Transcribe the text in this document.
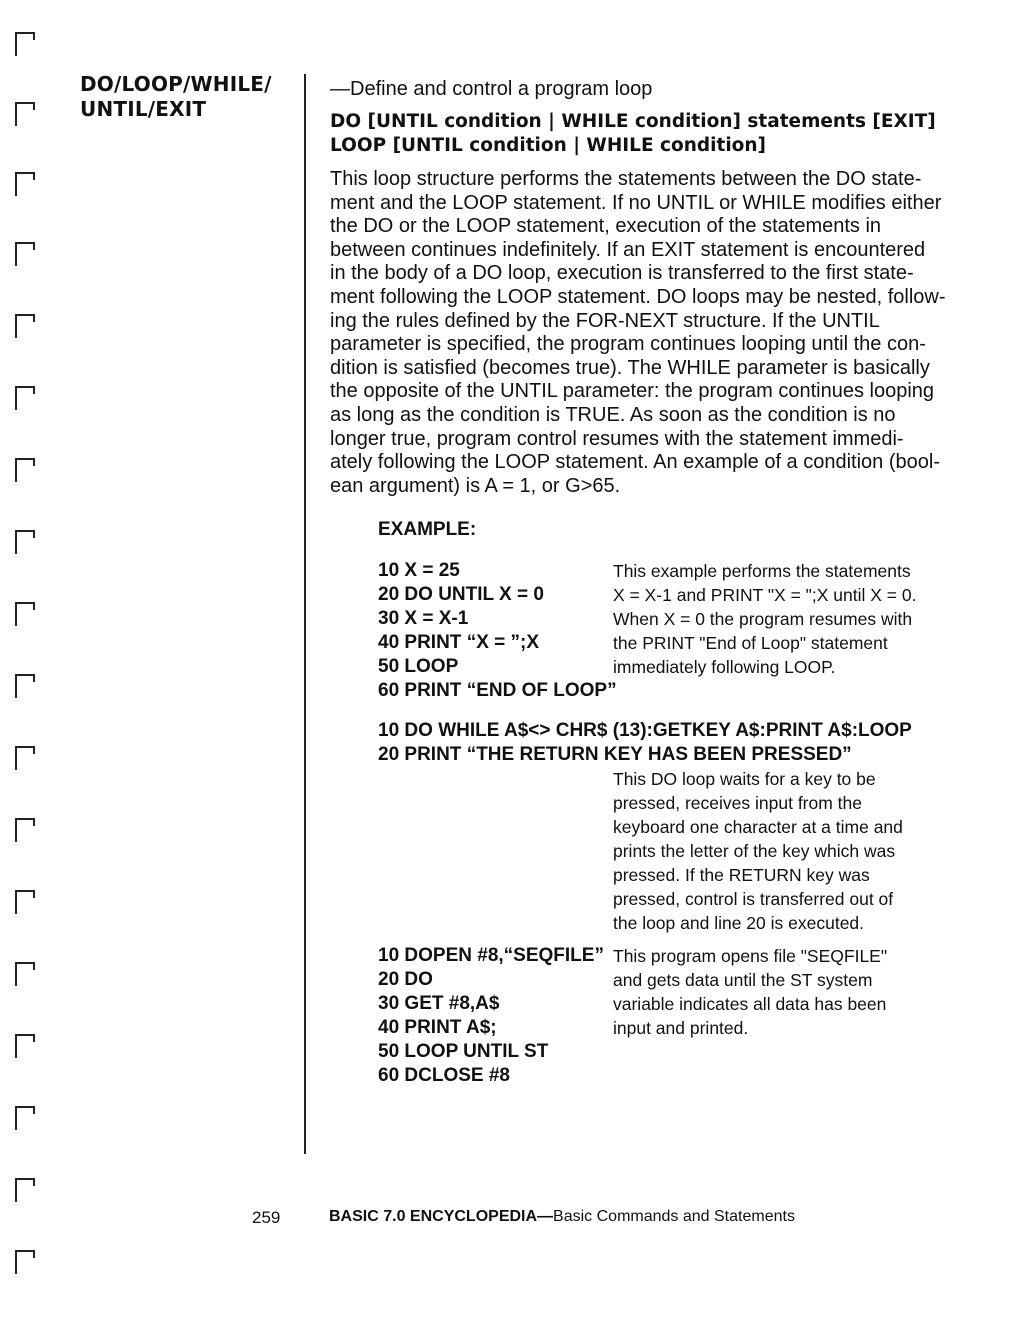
DO/LOOP/WHILE/
UNTIL/EXIT

—Define and control a program loop

DO [UNTIL condition | WHILE condition] statements [EXIT]
LOOP [UNTIL condition | WHILE condition]
This loop structure performs the statements between the DO state-
ment and the LOOP statement. If no UNTIL or WHILE modifies either
the DO or the LOOP statement, execution of the statements in
between continues indefinitely. If an EXIT statement is encountered
in the body of a DO loop, execution is transferred to the first state-
ment following the LOOP statement. DO loops may be nested, follow-
ing the rules defined by the FOR-NEXT structure. If the UNTIL
parameter is specified, the program continues looping until the con-
dition is satisfied (becomes true). The WHILE parameter is basically
the opposite of the UNTIL parameter: the program continues looping
as long as the condition is TRUE. As soon as the condition is no
longer true, program control resumes with the statement immedi-
ately following the LOOP statement. An example of a condition (bool-
ean argument) is A = 1, or G>65.
EXAMPLE:
10 X = 25
20 DO UNTIL X = 0
30 X = X-1
40 PRINT “X = ”;X
50 LOOP
60 PRINT “END OF LOOP”
This example performs the statements
X = X-1 and PRINT "X = ";X until X = 0.
When X = 0 the program resumes with
the PRINT "End of Loop" statement
immediately following LOOP.
10 DO WHILE A$<> CHR$ (13):GETKEY A$:PRINT A$:LOOP
20 PRINT “THE RETURN KEY HAS BEEN PRESSED”
This DO loop waits for a key to be
pressed, receives input from the
keyboard one character at a time and
prints the letter of the key which was
pressed. If the RETURN key was
pressed, control is transferred out of
the loop and line 20 is executed.
10 DOPEN #8,“SEQFILE”
20 DO
30 GET #8,A$
40 PRINT A$;
50 LOOP UNTIL ST
60 DCLOSE #8
This program opens file "SEQFILE"
and gets data until the ST system
variable indicates all data has been
input and printed.
259	BASIC 7.0 ENCYCLOPEDIA—Basic Commands and Statements
